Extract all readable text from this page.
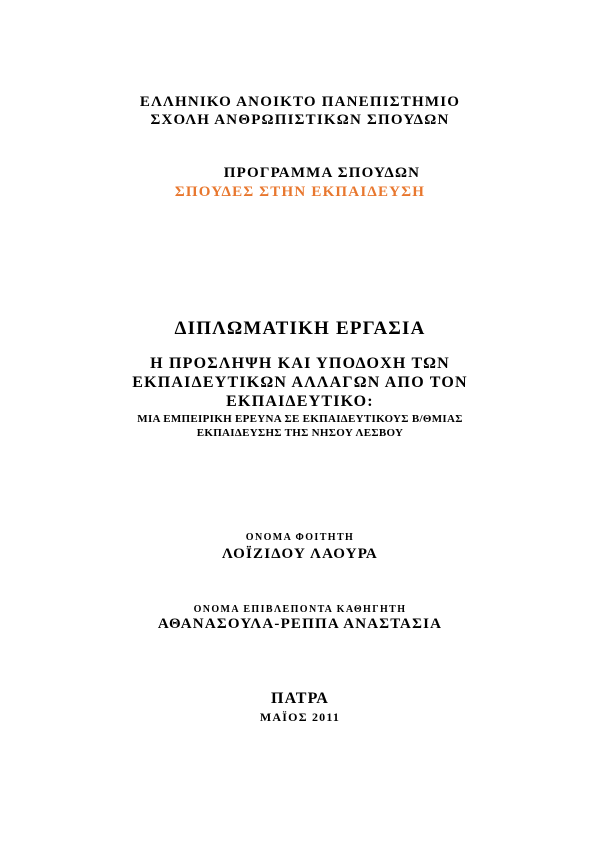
ΕΛΛΗΝΙΚΟ ΑΝΟΙΚΤΟ ΠΑΝΕΠΙΣΤΗΜΙΟ
ΣΧΟΛΗ ΑΝΘΡΩΠΙΣΤΙΚΩΝ ΣΠΟΥΔΩΝ
ΠΡΟΓΡΑΜΜΑ ΣΠΟΥΔΩΝ
ΣΠΟΥΔΕΣ ΣΤΗΝ ΕΚΠΑΙΔΕΥΣΗ
ΔΙΠΛΩΜΑΤΙΚΗ ΕΡΓΑΣΙΑ
Η ΠΡΟΣΛΗΨΗ ΚΑΙ ΥΠΟΔΟΧΗ ΤΩΝ
ΕΚΠΑΙΔΕΥΤΙΚΩΝ ΑΛΛΑΓΩΝ ΑΠΟ ΤΟΝ
ΕΚΠΑΙΔΕΥΤΙΚΟ:
ΜΙΑ ΕΜΠΕΙΡΙΚΗ ΕΡΕΥΝΑ ΣΕ ΕΚΠΑΙΔΕΥΤΙΚΟΥΣ Β/ΘΜΙΑΣ
ΕΚΠΑΙΔΕΥΣΗΣ ΤΗΣ ΝΗΣΟΥ ΛΕΣΒΟΥ
ΟΝΟΜΑ ΦΟΙΤΗΤΗ
ΛΟΪΖΙΔΟΥ ΛΑΟΥΡΑ
ΟΝΟΜΑ ΕΠΙΒΛΕΠΟΝΤΑ ΚΑΘΗΓΗΤΗ
ΑΘΑΝΑΣΟΥΛΑ-ΡΕΠΠΑ ΑΝΑΣΤΑΣΙΑ
ΠΑΤΡΑ
ΜΑΪΟΣ 2011
